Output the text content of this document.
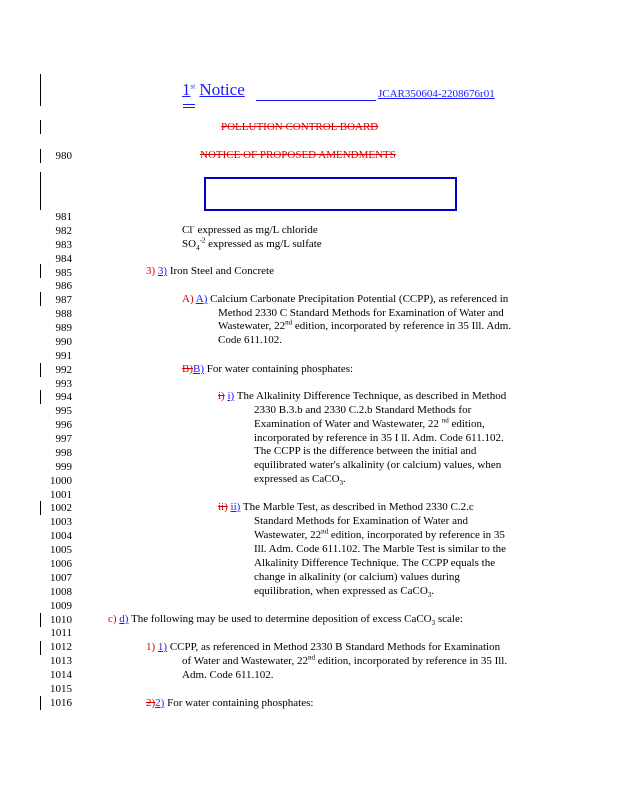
1st Notice	JCAR350604-2208676r01
POLLUTION CONTROL BOARD
NOTICE OF PROPOSED AMENDMENTS
980
981
982
983
984
985
986
987
988
989
990
991
992
993
994
995
996
997
998
999
1000
1001
1002
1003
1004
1005
1006
1007
1008
1009
1010
1011
1012
1013
1014
1015
1016
Cl- expressed as mg/L chloride
$SO_4^{-2}$ expressed as mg/L sulfate
3) 3) Iron Steel and Concrete
A) A) Calcium Carbonate Precipitation Potential (CCPP), as referenced in
Method 2330 C Standard Methods for Examination of Water and
Wastewater, 22nd edition, incorporated by reference in 35 Ill. Adm.
Code 611.102.
B)B) For water containing phosphates:
i) i) The Alkalinity Difference Technique, as described in Method
2330 B.3.b and 2330 C.2.b Standard Methods for
Examination of Water and Wastewater, 22 $^{nd}$ edition,
incorporated by reference in 35 I ll. Adm. Code 611.102.
The CCPP is the difference between the initial and
equilibrated water's alkalinity (or calcium) values, when
expressed as CaCO$_3$.
ii) ii) The Marble Test, as described in Method 2330 C.2.c
Standard Methods for Examination of Water and
Wastewater, 22nd edition, incorporated by reference in 35
Ill. Adm. Code 611.102. The Marble Test is similar to the
Alkalinity Difference Technique. The CCPP equals the
change in alkalinity (or calcium) values during
equilibration, when expressed as CaCO$_3$.
c) d) The following may be used to determine deposition of excess CaCO$_3$ scale:
1) 1) CCPP, as referenced in Method 2330 B Standard Methods for Examination
of Water and Wastewater, 22nd edition, incorporated by reference in 35 Ill.
Adm. Code 611.102.
2)2) For water containing phosphates:
